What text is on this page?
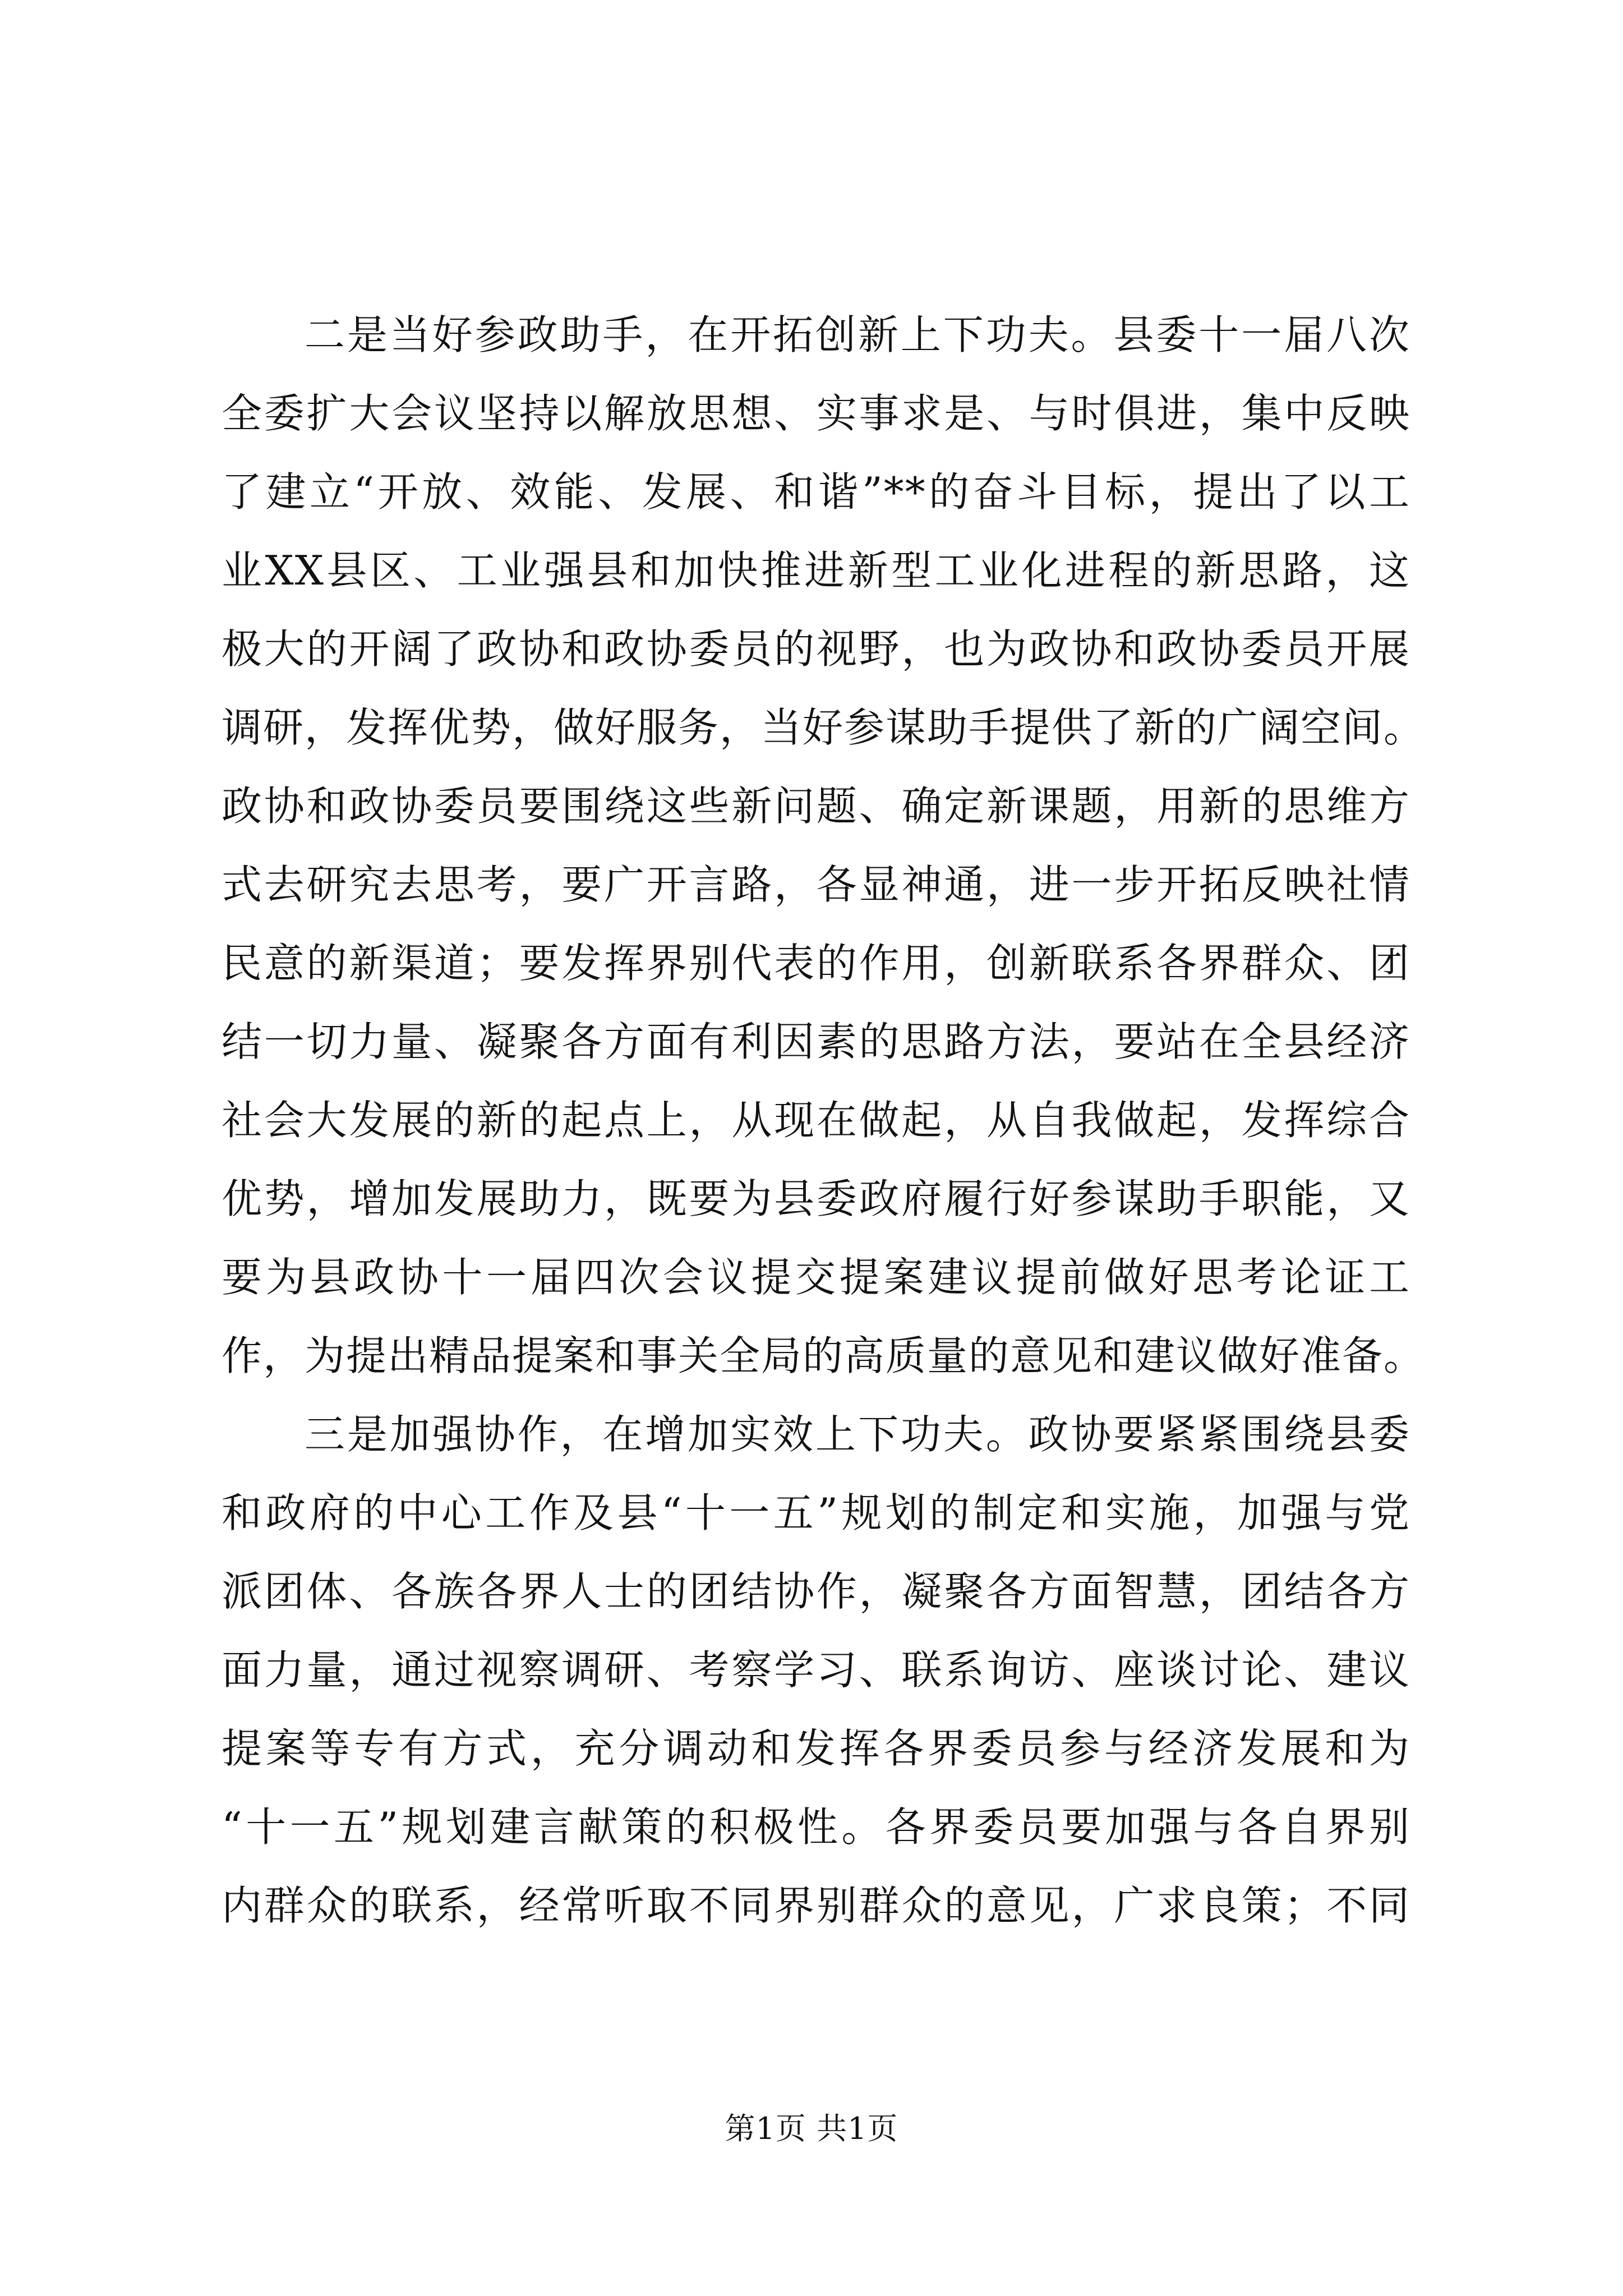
二是当好参政助手，在开拓创新上下功夫。县委十一届八次
全委扩大会议坚持以解放思想、实事求是、与时俱进，集中反映
了建立“开放、效能、发展、和谐”**的奋斗目标，提出了以工
业XX县区、工业强县和加快推进新型工业化进程的新思路，这
极大的开阔了政协和政协委员的视野，也为政协和政协委员开展
调研，发挥优势，做好服务，当好参谋助手提供了新的广阔空间。
政协和政协委员要围绕这些新问题、确定新课题，用新的思维方
式去研究去思考，要广开言路，各显神通，进一步开拓反映社情
民意的新渠道；要发挥界别代表的作用，创新联系各界群众、团
结一切力量、凝聚各方面有利因素的思路方法，要站在全县经济
社会大发展的新的起点上，从现在做起，从自我做起，发挥综合
优势，增加发展助力，既要为县委政府履行好参谋助手职能，又
要为县政协十一届四次会议提交提案建议提前做好思考论证工
作，为提出精品提案和事关全局的高质量的意见和建议做好准备。
三是加强协作，在增加实效上下功夫。政协要紧紧围绕县委
和政府的中心工作及县“十一五”规划的制定和实施，加强与党
派团体、各族各界人士的团结协作，凝聚各方面智慧，团结各方
面力量，通过视察调研、考察学习、联系询访、座谈讨论、建议
提案等专有方式，充分调动和发挥各界委员参与经济发展和为
“十一五”规划建言献策的积极性。各界委员要加强与各自界别
内群众的联系，经常听取不同界别群众的意见，广求良策；不同
第1页 共1页
